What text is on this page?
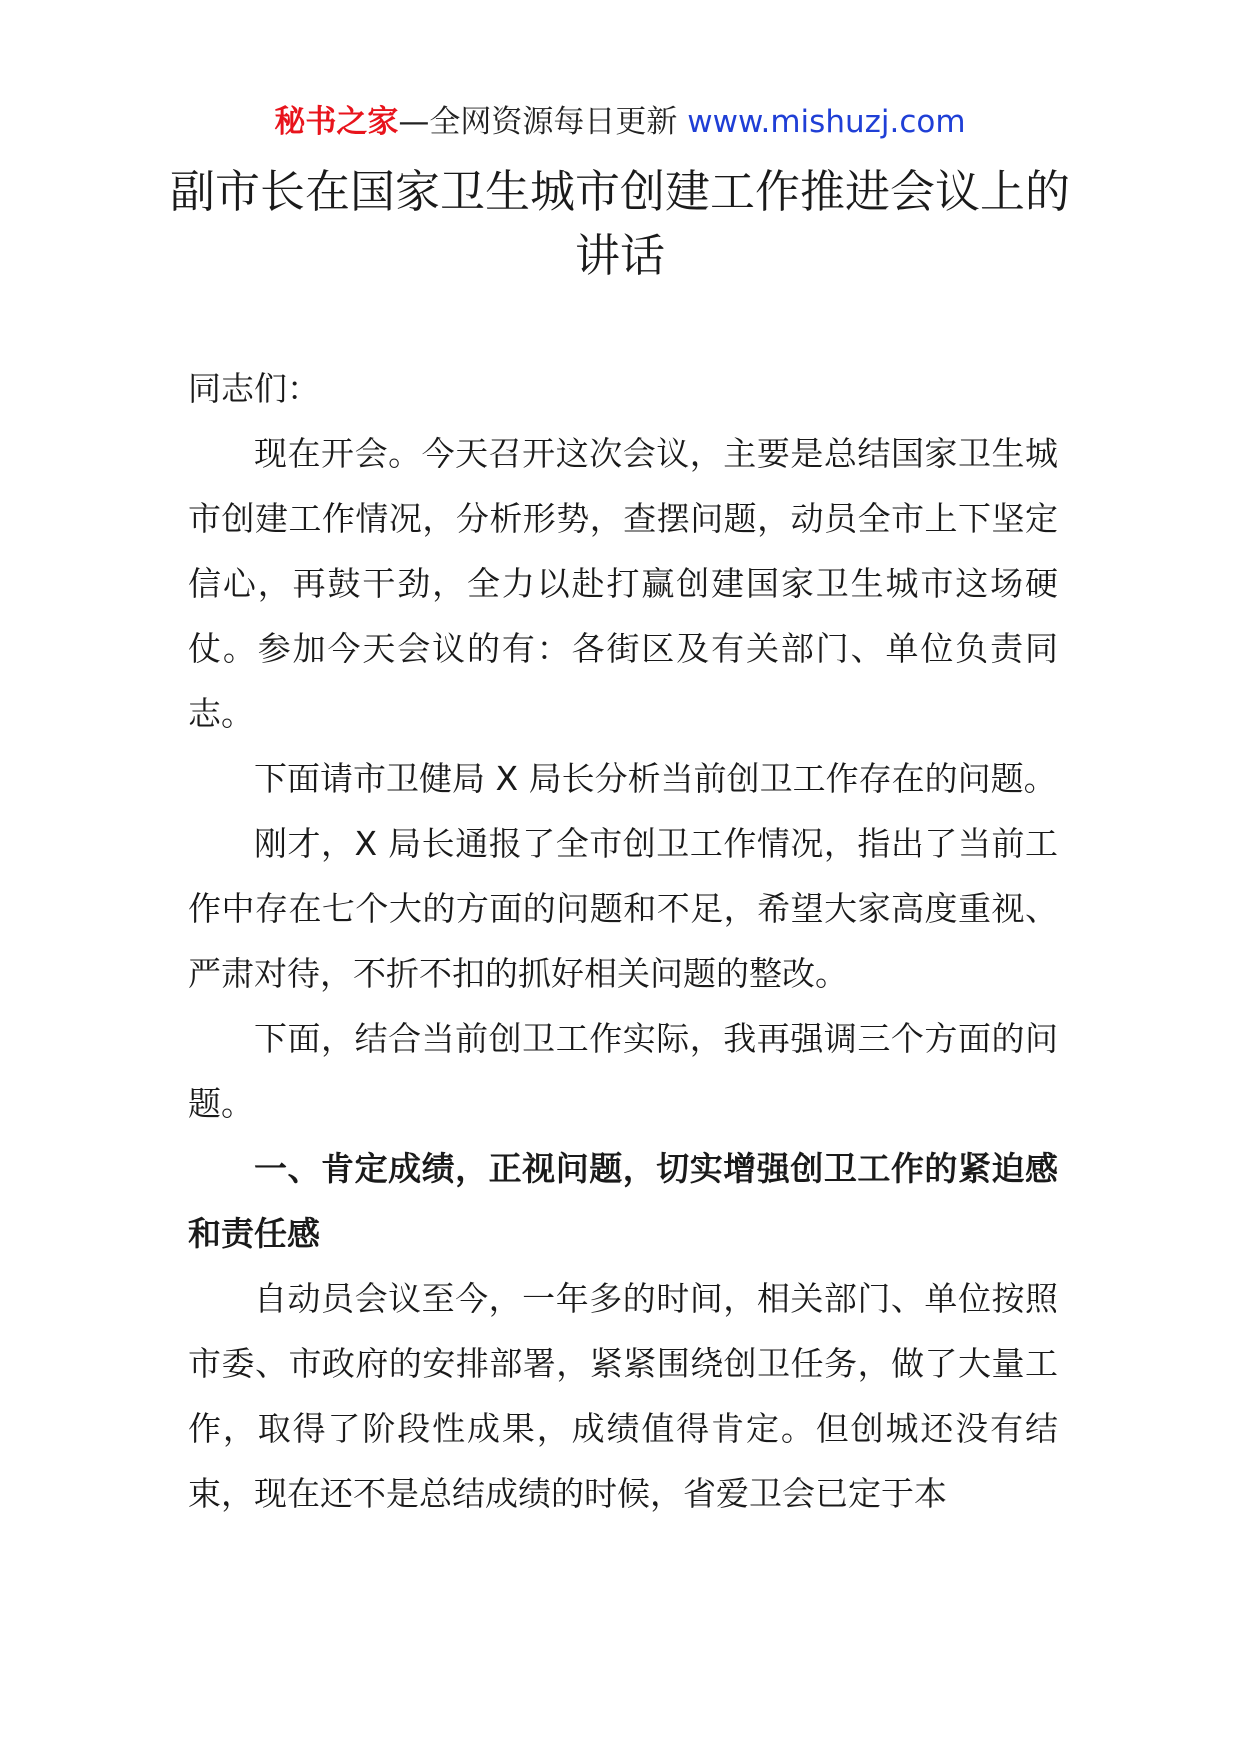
秘书之家—全网资源每日更新 www.mishuzj.com
副市长在国家卫生城市创建工作推进会议上的讲话

同志们：

现在开会。今天召开这次会议，主要是总结国家卫生城市创建工作情况，分析形势，查摆问题，动员全市上下坚定信心，再鼓干劲，全力以赴打赢创建国家卫生城市这场硬仗。参加今天会议的有：各街区及有关部门、单位负责同志。

下面请市卫健局 X 局长分析当前创卫工作存在的问题。

刚才，X 局长通报了全市创卫工作情况，指出了当前工作中存在七个大的方面的问题和不足，希望大家高度重视、严肃对待，不折不扣的抓好相关问题的整改。

下面，结合当前创卫工作实际，我再强调三个方面的问题。

一、肯定成绩，正视问题，切实增强创卫工作的紧迫感和责任感

自动员会议至今，一年多的时间，相关部门、单位按照市委、市政府的安排部署，紧紧围绕创卫任务，做了大量工作，取得了阶段性成果，成绩值得肯定。但创城还没有结束，现在还不是总结成绩的时候，省爱卫会已定于本
